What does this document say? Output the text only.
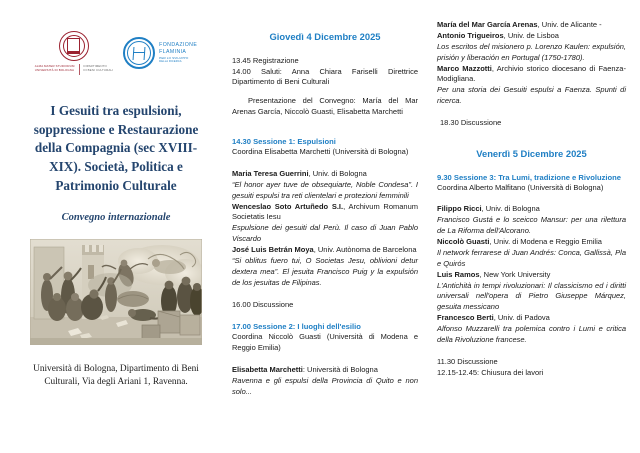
ALMA MATER STUDIORUM
UNIVERSITÀ DI BOLOGNA
DIPARTIMENTO
DI BENI CULTURALI
FONDAZIONE
FLAMINIA
PER LO SVILUPPO
DELLA RICERCA
I Gesuiti tra espulsioni, soppressione e Restaurazione della Compagnia (sec XVIII-XIX). Società, Politica e Patrimonio Culturale
Convegno internazionale
Università di Bologna, Dipartimento di Beni Culturali, Via degli Ariani 1, Ravenna.
Giovedì 4 Dicembre 2025

13.45 Registrazione

14.00 Saluti: Anna Chiara Fariselli Direttrice Dipartimento di Beni Culturali

Presentazione del Convegno: María del Mar Arenas García, Niccolò Guasti, Elisabetta Marchetti

14.30 Sessione 1: Espulsioni

Coordina Elisabetta Marchetti (Università di Bologna)

Maria Teresa Guerrini, Univ. di Bologna

“El honor ayer tuve de obsequiarte, Noble Condesa”. I gesuiti espulsi tra reti clientelari e protezioni femminili

Wenceslao Soto Artuñedo S.I., Archivum Romanum Societatis Iesu

Espulsione dei gesuiti dal Perù. Il caso di Juan Pablo Viscardo

José Luis Betrán Moya, Univ. Autònoma de Barcelona

“Si oblitus fuero tui, O Societas Jesu, oblivioni detur dextera mea”. El jesuita Francisco Puig y la expulsión de los jesuitas de Filipinas.

16.00 Discussione

17.00 Sessione 2: I luoghi dell'esilio

Coordina Niccolò Guasti (Università di Modena e Reggio Emilia)

Elisabetta Marchetti: Università di Bologna

Ravenna e gli espulsi della Provincia di Quito e non solo...

María del Mar García Arenas, Univ. de Alicante -

Antonio Trigueiros, Univ. de Lisboa

Los escritos del misionero p. Lorenzo Kaulen: expulsión, prisión y liberación en Portugal (1750-1780).

Marco Mazzotti, Archivio storico diocesano di Faenza-Modigliana.

Per una storia dei Gesuiti espulsi a Faenza. Spunti di ricerca.

18.30 Discussione

Venerdì 5 Dicembre 2025

9.30 Sessione 3: Tra Lumi, tradizione e Rivoluzione

Coordina Alberto Malfitano (Università di Bologna)

Filippo Ricci, Univ. di Bologna

Francisco Gustá e lo sceicco Mansur: per una rilettura de La Riforma dell'Alcorano.

Niccolò Guasti, Univ. di Modena e Reggio Emilia

Il network ferrarese di Juan Andrés: Conca, Gallissà, Pla e Quirós

Luis Ramos, New York University

L'Antichità in tempi rivoluzionari: Il classicismo ed i diritti universali nell'opera di Pietro Giuseppe Márquez, gesuita messicano

Francesco Berti, Univ. di Padova

Alfonso Muzzarelli tra polemica contro i Lumi e critica della Rivoluzione francese.

11.30 Discussione

12.15-12.45: Chiusura dei lavori
